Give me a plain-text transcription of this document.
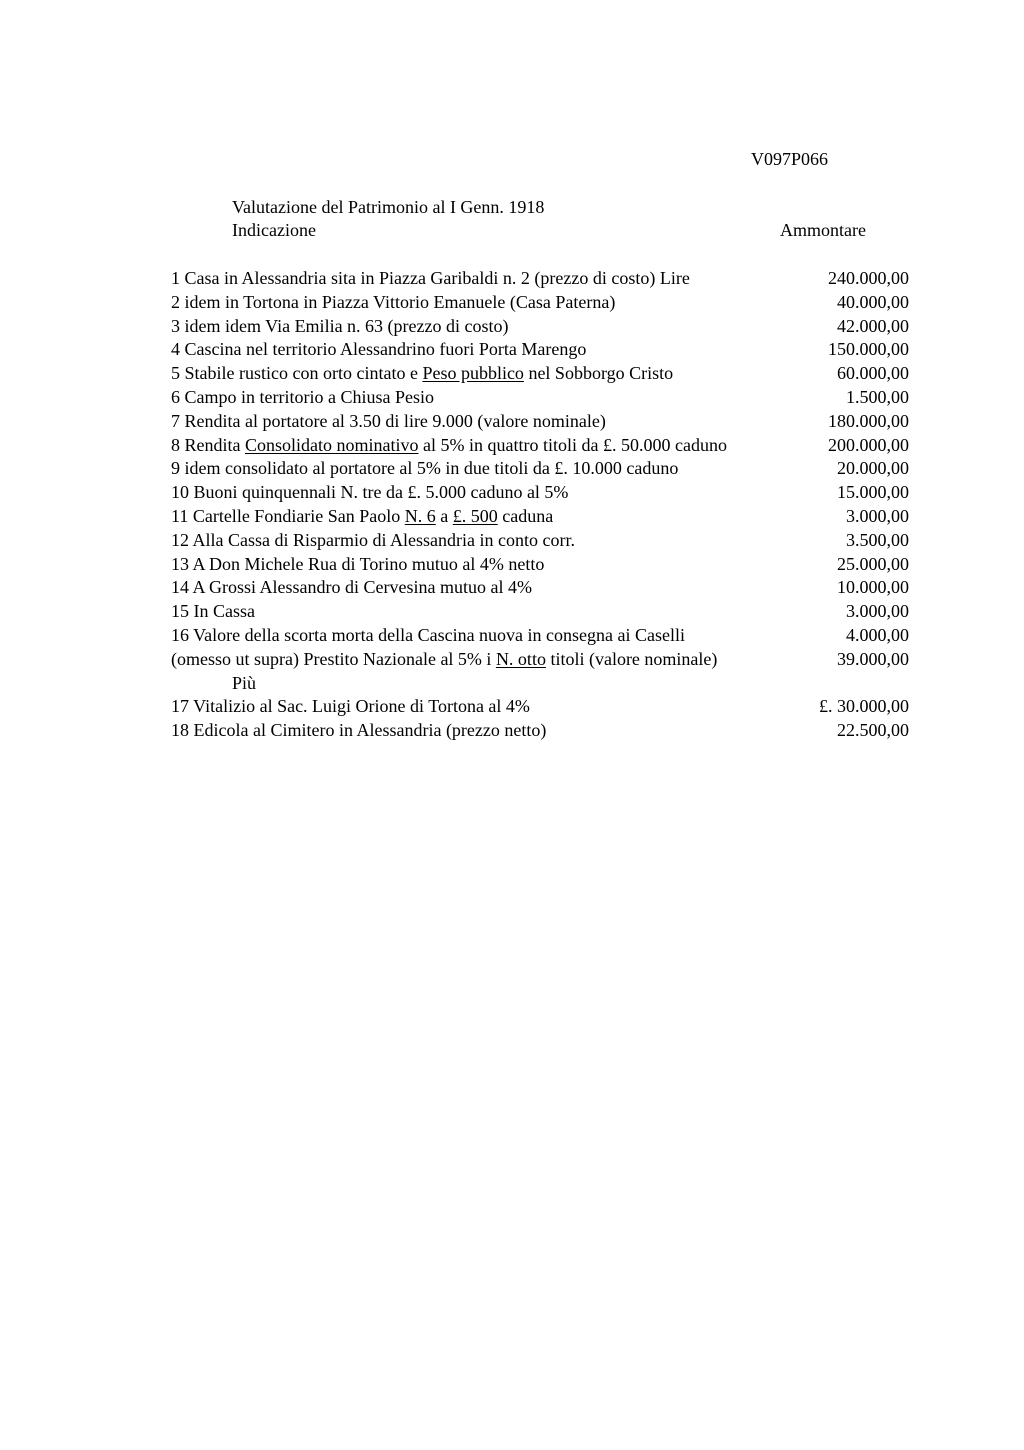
V097P066
Valutazione del Patrimonio al I Genn. 1918
Indicazione	Ammontare
1 Casa in Alessandria sita in Piazza Garibaldi n. 2 (prezzo di costo) Lire	240.000,00
2 idem in Tortona in Piazza Vittorio Emanuele (Casa Paterna)	40.000,00
3 idem idem Via Emilia n. 63 (prezzo di costo)	42.000,00
4 Cascina nel territorio Alessandrino fuori Porta Marengo	150.000,00
5 Stabile rustico con orto cintato e Peso pubblico nel Sobborgo Cristo	60.000,00
6 Campo in territorio a Chiusa Pesio	1.500,00
7 Rendita al portatore al 3.50 di lire 9.000 (valore nominale)	180.000,00
8 Rendita Consolidato nominativo al 5% in quattro titoli da £. 50.000 caduno	200.000,00
9 idem consolidato al portatore al 5% in due titoli da £. 10.000 caduno	20.000,00
10 Buoni quinquennali N. tre da £. 5.000 caduno al 5%	15.000,00
11 Cartelle Fondiarie San Paolo N. 6 a £. 500 caduna	3.000,00
12 Alla Cassa di Risparmio di Alessandria in conto corr.	3.500,00
13 A Don Michele Rua di Torino mutuo al 4% netto	25.000,00
14 A Grossi Alessandro di Cervesina mutuo al 4%	10.000,00
15 In Cassa	3.000,00
16 Valore della scorta morta della Cascina nuova in consegna ai Caselli	4.000,00
(omesso ut supra) Prestito Nazionale al 5% i N. otto titoli (valore nominale)	39.000,00
Più
17 Vitalizio al Sac. Luigi Orione di Tortona al 4%	£. 30.000,00
18 Edicola al Cimitero in Alessandria (prezzo netto)	22.500,00
